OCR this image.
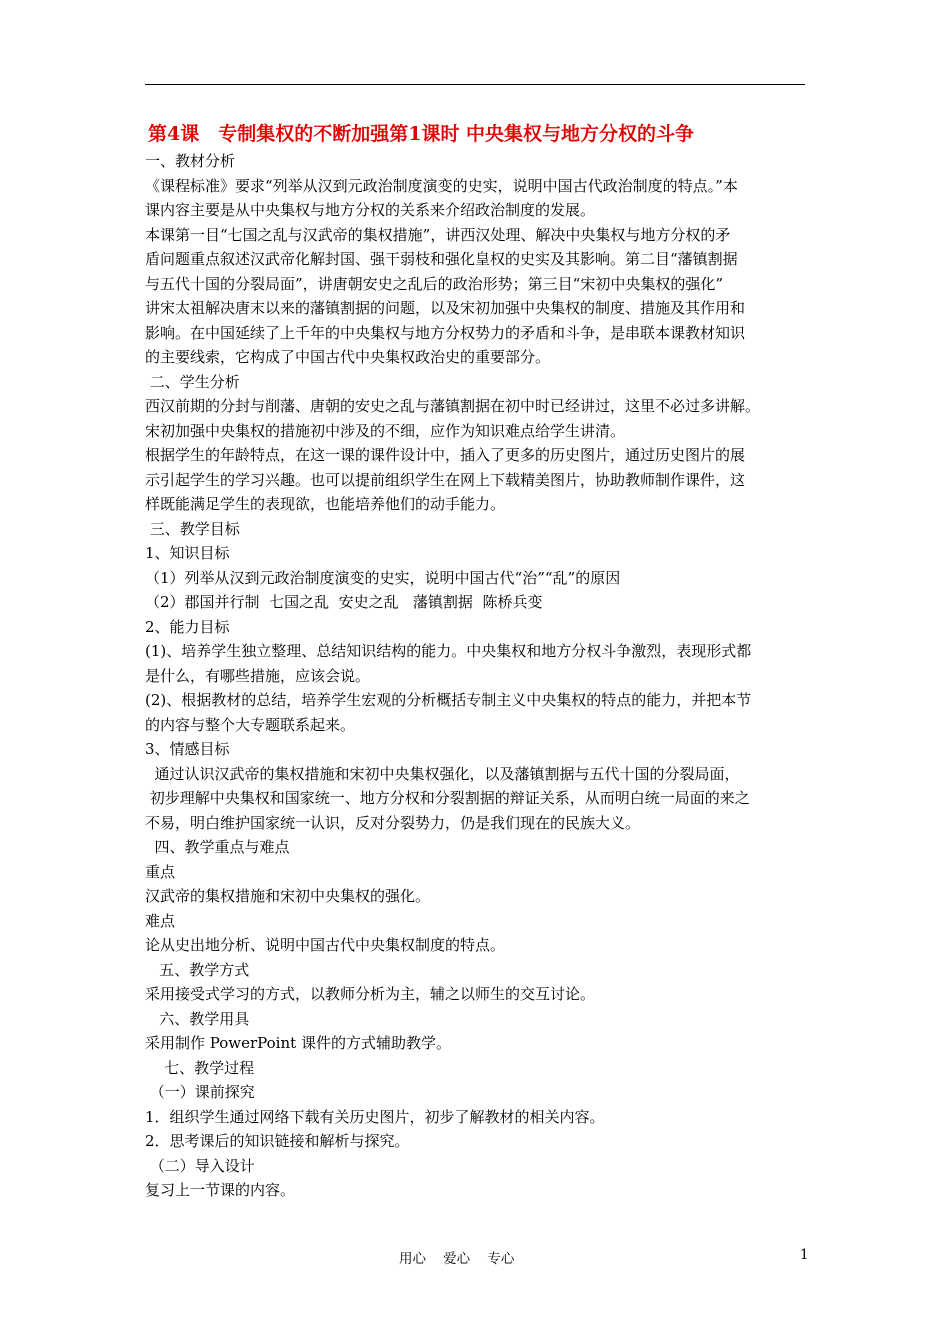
第4课　专制集权的不断加强第1课时 中央集权与地方分权的斗争

一、教材分析

《课程标准》要求“列举从汉到元政治制度演变的史实，说明中国古代政治制度的特点。”本

课内容主要是从中央集权与地方分权的关系来介绍政治制度的发展。

本课第一目“七国之乱与汉武帝的集权措施”，讲西汉处理、解决中央集权与地方分权的矛

盾问题重点叙述汉武帝化解封国、强干弱枝和强化皇权的史实及其影响。第二目“藩镇割据

与五代十国的分裂局面”，讲唐朝安史之乱后的政治形势；第三目“宋初中央集权的强化”

讲宋太祖解决唐末以来的藩镇割据的问题，以及宋初加强中央集权的制度、措施及其作用和

影响。在中国延续了上千年的中央集权与地方分权势力的矛盾和斗争，是串联本课教材知识

的主要线索，它构成了中国古代中央集权政治史的重要部分。

二、学生分析

西汉前期的分封与削藩、唐朝的安史之乱与藩镇割据在初中时已经讲过，这里不必过多讲解。

宋初加强中央集权的措施初中涉及的不细，应作为知识难点给学生讲清。

根据学生的年龄特点，在这一课的课件设计中，插入了更多的历史图片，通过历史图片的展

示引起学生的学习兴趣。也可以提前组织学生在网上下载精美图片，协助教师制作课件，这

样既能满足学生的表现欲，也能培养他们的动手能力。

三、教学目标

1、知识目标

（1）列举从汉到元政治制度演变的史实，说明中国古代“治”“乱”的原因

（2）郡国并行制  七国之乱  安史之乱   藩镇割据  陈桥兵变

2、能力目标

(1)、培养学生独立整理、总结知识结构的能力。中央集权和地方分权斗争激烈，表现形式都

是什么，有哪些措施，应该会说。

(2)、根据教材的总结，培养学生宏观的分析概括专制主义中央集权的特点的能力，并把本节

的内容与整个大专题联系起来。

3、情感目标

通过认识汉武帝的集权措施和宋初中央集权强化，以及藩镇割据与五代十国的分裂局面，

初步理解中央集权和国家统一、地方分权和分裂割据的辩证关系，从而明白统一局面的来之

不易，明白维护国家统一认识，反对分裂势力，仍是我们现在的民族大义。

四、教学重点与难点

重点

汉武帝的集权措施和宋初中央集权的强化。

难点

论从史出地分析、说明中国古代中央集权制度的特点。

五、教学方式

采用接受式学习的方式，以教师分析为主，辅之以师生的交互讨论。

六、教学用具

采用制作 PowerPoint 课件的方式辅助教学。

七、教学过程

（一）课前探究

1．组织学生通过网络下载有关历史图片，初步了解教材的相关内容。

2．思考课后的知识链接和解析与探究。

（二）导入设计

复习上一节课的内容。

用心    爱心    专心	1
